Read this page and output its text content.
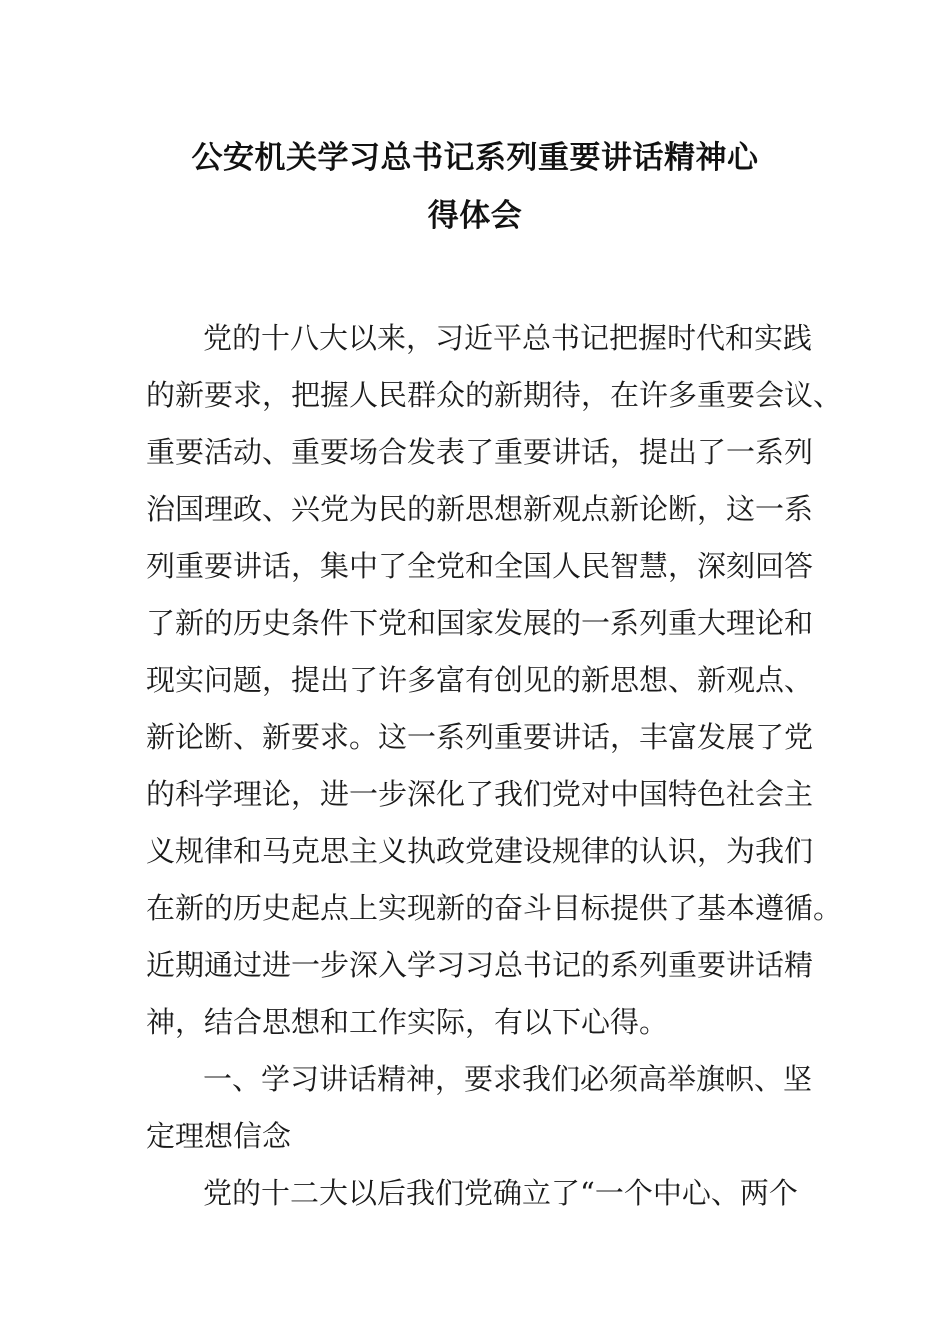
公安机关学习总书记系列重要讲话精神心
得体会
党的十八大以来，习近平总书记把握时代和实践
的新要求，把握人民群众的新期待，在许多重要会议、
重要活动、重要场合发表了重要讲话，提出了一系列
治国理政、兴党为民的新思想新观点新论断，这一系
列重要讲话，集中了全党和全国人民智慧，深刻回答
了新的历史条件下党和国家发展的一系列重大理论和
现实问题，提出了许多富有创见的新思想、新观点、
新论断、新要求。这一系列重要讲话，丰富发展了党
的科学理论，进一步深化了我们党对中国特色社会主
义规律和马克思主义执政党建设规律的认识，为我们
在新的历史起点上实现新的奋斗目标提供了基本遵循。
近期通过进一步深入学习习总书记的系列重要讲话精
神，结合思想和工作实际，有以下心得。
一、学习讲话精神，要求我们必须高举旗帜、坚
定理想信念
党的十二大以后我们党确立了“一个中心、两个
